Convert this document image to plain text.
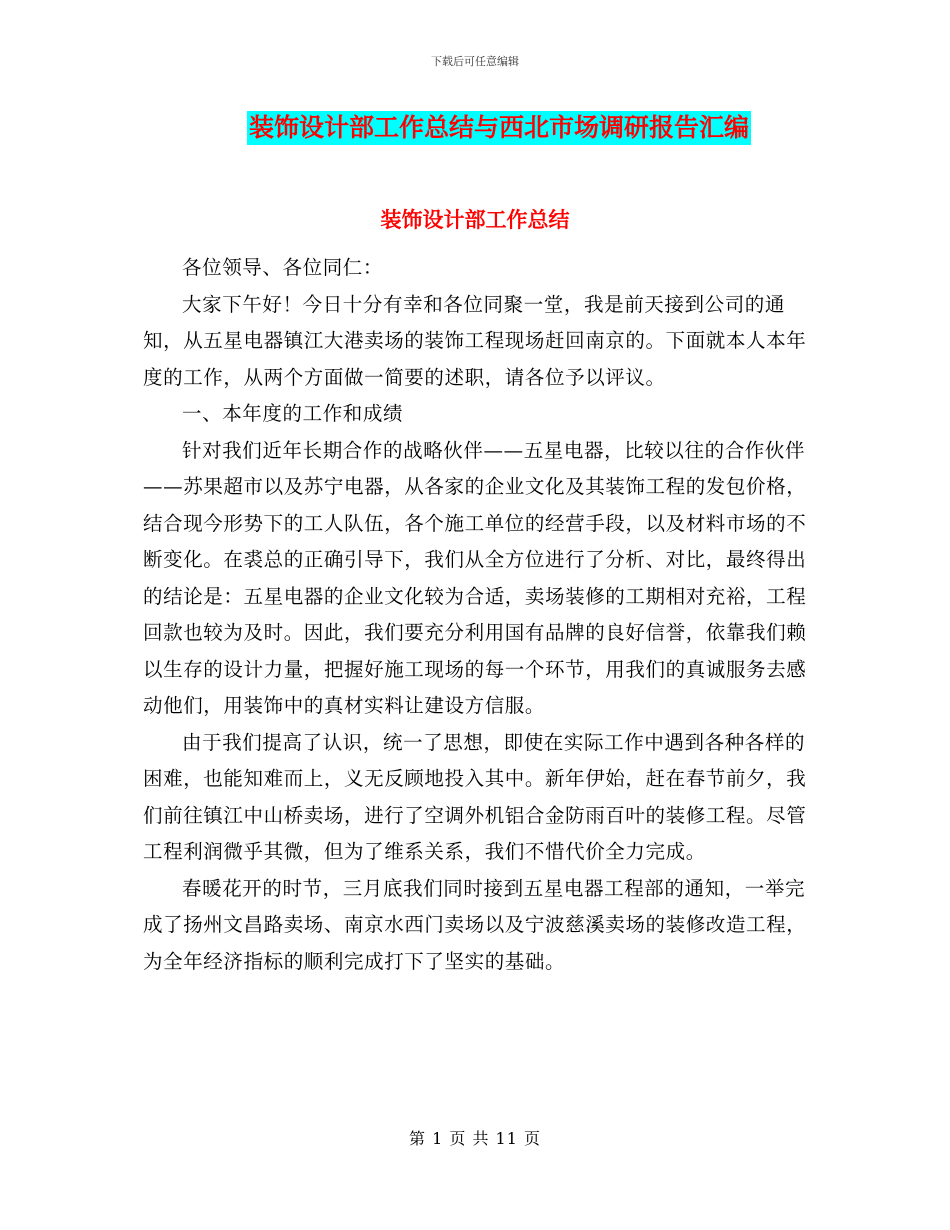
下载后可任意编辑
装饰设计部工作总结与西北市场调研报告汇编
装饰设计部工作总结

各位领导、各位同仁：

大家下午好！今日十分有幸和各位同聚一堂，我是前天接到公司的通知，从五星电器镇江大港卖场的装饰工程现场赶回南京的。下面就本人本年度的工作，从两个方面做一简要的述职，请各位予以评议。

一、本年度的工作和成绩

针对我们近年长期合作的战略伙伴——五星电器，比较以往的合作伙伴——苏果超市以及苏宁电器，从各家的企业文化及其装饰工程的发包价格，结合现今形势下的工人队伍，各个施工单位的经营手段，以及材料市场的不断变化。在裘总的正确引导下，我们从全方位进行了分析、对比，最终得出的结论是：五星电器的企业文化较为合适，卖场装修的工期相对充裕，工程回款也较为及时。因此，我们要充分利用国有品牌的良好信誉，依靠我们赖以生存的设计力量，把握好施工现场的每一个环节，用我们的真诚服务去感动他们，用装饰中的真材实料让建设方信服。

由于我们提高了认识，统一了思想，即使在实际工作中遇到各种各样的困难，也能知难而上，义无反顾地投入其中。新年伊始，赶在春节前夕，我们前往镇江中山桥卖场，进行了空调外机铝合金防雨百叶的装修工程。尽管工程利润微乎其微，但为了维系关系，我们不惜代价全力完成。

春暖花开的时节，三月底我们同时接到五星电器工程部的通知，一举完成了扬州文昌路卖场、南京水西门卖场以及宁波慈溪卖场的装修改造工程，为全年经济指标的顺利完成打下了坚实的基础。

第 1 页 共 11 页
